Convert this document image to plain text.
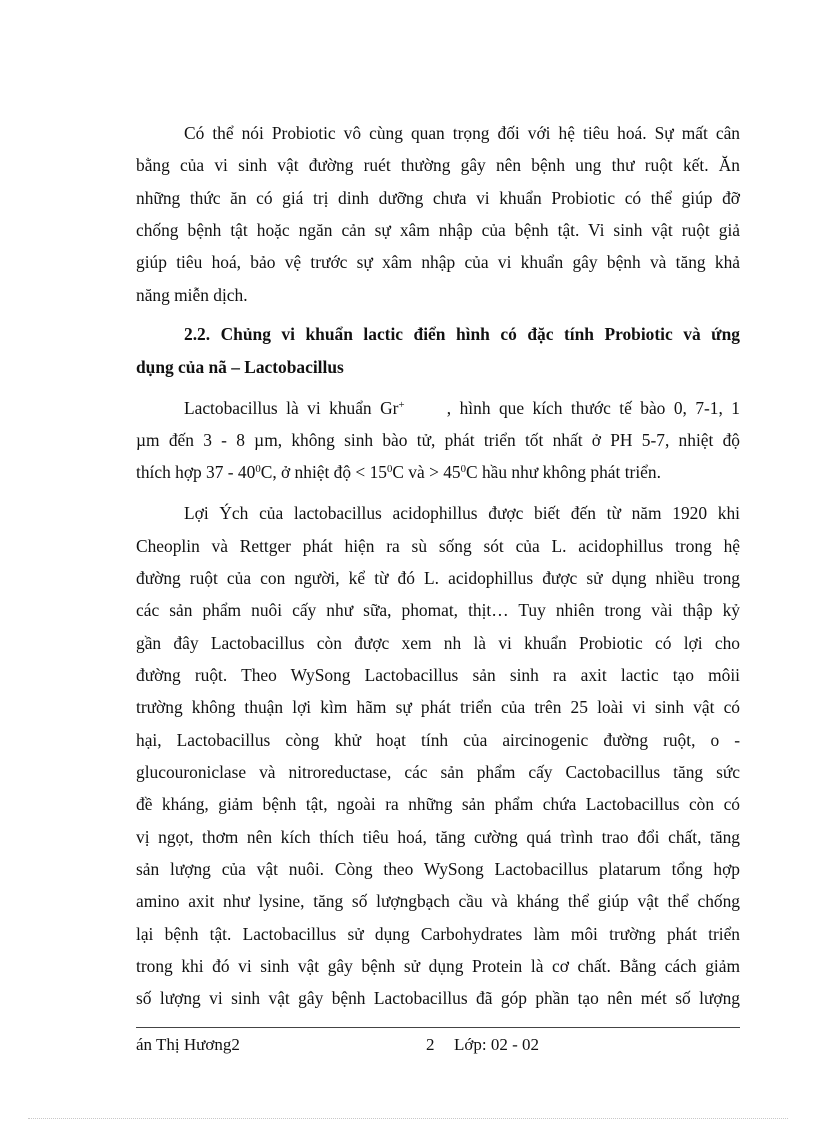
Có thể nói Probiotic vô cùng quan trọng đối với hệ tiêu hoá. Sự mất cân
bằng của vi sinh vật đường ruét thường gây nên bệnh ung thư ruột kết. Ăn
những thức ăn có giá trị dinh dưỡng chưa vi khuẩn Probiotic có thể giúp đỡ
chống bệnh tật hoặc ngăn cản sự xâm nhập của bệnh tật. Vi sinh vật ruột giả
giúp tiêu hoá, bảo vệ trước sự xâm nhập của vi khuẩn gây bệnh và tăng khả
năng miễn dịch.
2.2. Chủng vi khuẩn lactic điển hình có đặc tính Probiotic và ứng
dụng của nã – Lactobacillus
Lactobacillus là vi khuẩn Gr+     , hình que kích thước tế bào 0, 7-1, 1
µm đến 3 - 8 µm, không sinh bào tử, phát triển tốt nhất ở PH 5-7, nhiệt độ
thích hợp $37 - 40^0C$, ở nhiệt độ < $15^0C$ và > $45^0C$ hầu như không phát triển.
Lợi Ých của lactobacillus acidophillus được biết đến từ năm 1920 khi
Cheoplin và Rettger phát hiện ra sù sống sót của L. acidophillus trong hệ
đường ruột của con người, kể từ đó L. acidophillus được sử dụng nhiều trong
các sản phẩm nuôi cấy như sữa, phomat, thịt… Tuy nhiên trong vài thập kỷ
gần đây Lactobacillus còn được xem nh là vi khuẩn Probiotic có lợi cho
đường ruột. Theo WySong Lactobacillus sản sinh ra axit lactic tạo môii
trường không thuận lợi kìm hãm sự phát triển của trên 25 loài vi sinh vật có
hại, Lactobacillus còng khử hoạt tính của aircinogenic đường ruột, o -
glucouroniclase và nitroreductase, các sản phẩm cấy Cactobacillus tăng sức
đề kháng, giảm bệnh tật, ngoài ra những sản phẩm chứa Lactobacillus còn có
vị ngọt, thơm nên kích thích tiêu hoá, tăng cường quá trình trao đổi chất, tăng
sản lượng của vật nuôi. Còng theo WySong Lactobacillus platarum tổng hợp
amino axit như lysine, tăng số lượngbạch cầu và kháng thể giúp vật thể chống
lại bệnh tật. Lactobacillus sử dụng Carbohydrates làm môi trường phát triển
trong khi đó vi sinh vật gây bệnh sử dụng Protein là cơ chất. Bằng cách giảm
số lượng vi sinh vật gây bệnh Lactobacillus đã góp phần tạo nên mét số lượng
án Thị Hương2	2 Lớp: 02 - 02
